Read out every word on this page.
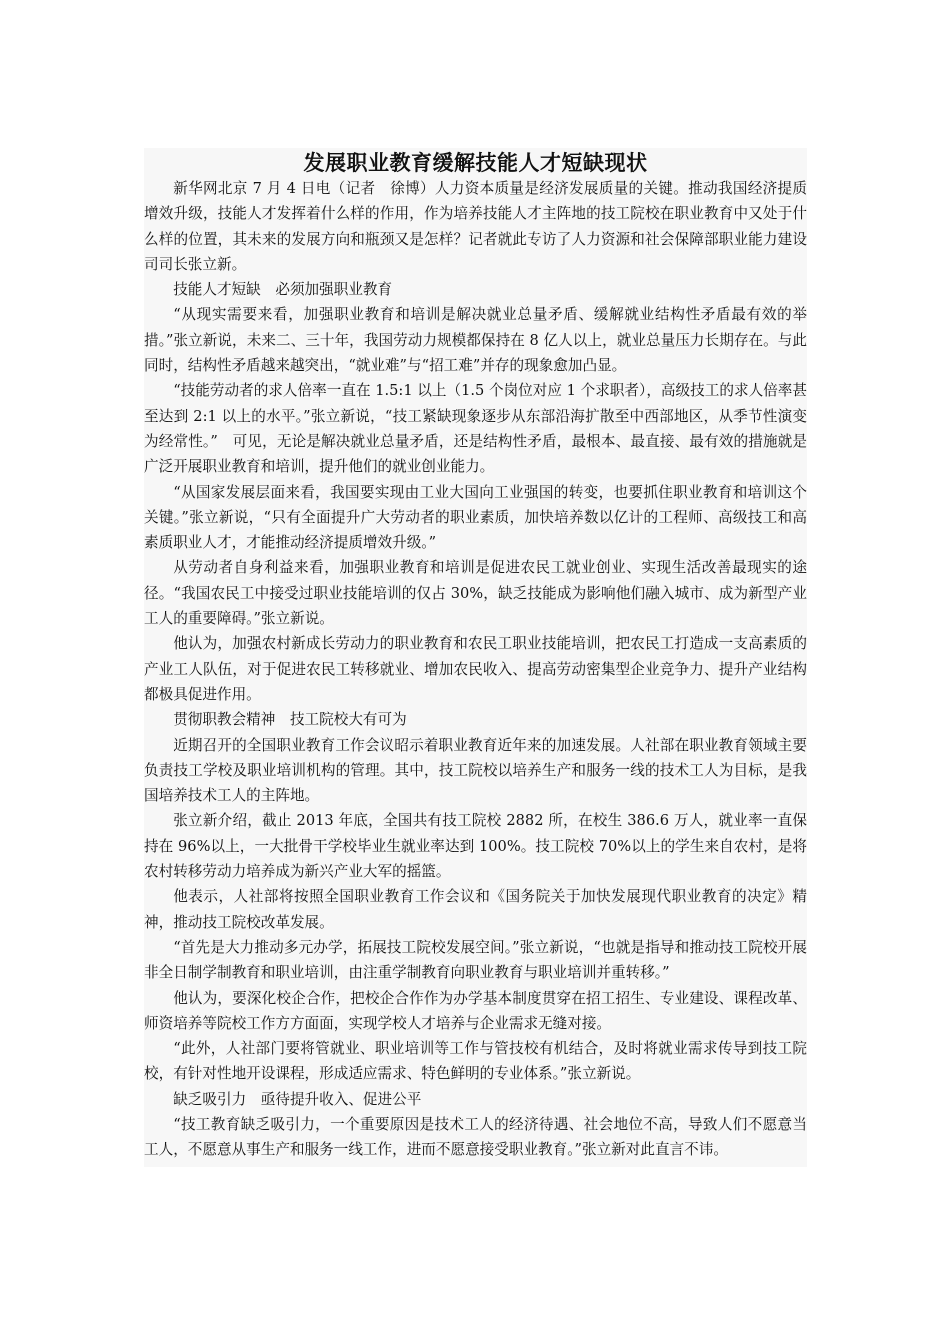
发展职业教育缓解技能人才短缺现状

新华网北京 7 月 4 日电（记者　徐博）人力资本质量是经济发展质量的关键。推动我国经济提质增效升级，技能人才发挥着什么样的作用，作为培养技能人才主阵地的技工院校在职业教育中又处于什么样的位置，其未来的发展方向和瓶颈又是怎样？记者就此专访了人力资源和社会保障部职业能力建设司司长张立新。

技能人才短缺　必须加强职业教育

“从现实需要来看，加强职业教育和培训是解决就业总量矛盾、缓解就业结构性矛盾最有效的举措。”张立新说，未来二、三十年，我国劳动力规模都保持在 8 亿人以上，就业总量压力长期存在。与此同时，结构性矛盾越来越突出，“就业难”与“招工难”并存的现象愈加凸显。

“技能劳动者的求人倍率一直在 1.5:1 以上（1.5 个岗位对应 1 个求职者），高级技工的求人倍率甚至达到 2:1 以上的水平。”张立新说，“技工紧缺现象逐步从东部沿海扩散至中西部地区，从季节性演变为经常性。”　可见，无论是解决就业总量矛盾，还是结构性矛盾，最根本、最直接、最有效的措施就是广泛开展职业教育和培训，提升他们的就业创业能力。

“从国家发展层面来看，我国要实现由工业大国向工业强国的转变，也要抓住职业教育和培训这个关键。”张立新说，“只有全面提升广大劳动者的职业素质，加快培养数以亿计的工程师、高级技工和高素质职业人才，才能推动经济提质增效升级。”

从劳动者自身利益来看，加强职业教育和培训是促进农民工就业创业、实现生活改善最现实的途径。“我国农民工中接受过职业技能培训的仅占 30%，缺乏技能成为影响他们融入城市、成为新型产业工人的重要障碍。”张立新说。

他认为，加强农村新成长劳动力的职业教育和农民工职业技能培训，把农民工打造成一支高素质的产业工人队伍，对于促进农民工转移就业、增加农民收入、提高劳动密集型企业竞争力、提升产业结构都极具促进作用。

贯彻职教会精神　技工院校大有可为

近期召开的全国职业教育工作会议昭示着职业教育近年来的加速发展。人社部在职业教育领域主要负责技工学校及职业培训机构的管理。其中，技工院校以培养生产和服务一线的技术工人为目标，是我国培养技术工人的主阵地。

张立新介绍，截止 2013 年底，全国共有技工院校 2882 所，在校生 386.6 万人，就业率一直保持在 96%以上，一大批骨干学校毕业生就业率达到 100%。技工院校 70%以上的学生来自农村，是将农村转移劳动力培养成为新兴产业大军的摇篮。

他表示，人社部将按照全国职业教育工作会议和《国务院关于加快发展现代职业教育的决定》精神，推动技工院校改革发展。

“首先是大力推动多元办学，拓展技工院校发展空间。”张立新说，“也就是指导和推动技工院校开展非全日制学制教育和职业培训，由注重学制教育向职业教育与职业培训并重转移。”

他认为，要深化校企合作，把校企合作作为办学基本制度贯穿在招工招生、专业建设、课程改革、师资培养等院校工作方方面面，实现学校人才培养与企业需求无缝对接。

“此外，人社部门要将管就业、职业培训等工作与管技校有机结合，及时将就业需求传导到技工院校，有针对性地开设课程，形成适应需求、特色鲜明的专业体系。”张立新说。

缺乏吸引力　亟待提升收入、促进公平

“技工教育缺乏吸引力，一个重要原因是技术工人的经济待遇、社会地位不高，导致人们不愿意当工人，不愿意从事生产和服务一线工作，进而不愿意接受职业教育。”张立新对此直言不讳。
